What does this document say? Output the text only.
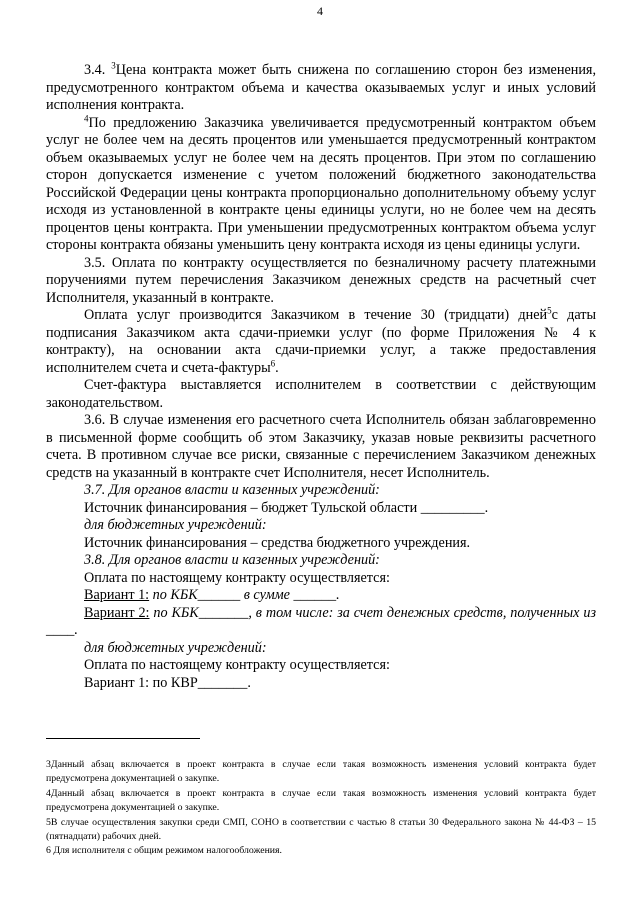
4

3.4. $^3$Цена контракта может быть снижена по соглашению сторон без изменения, предусмотренного контрактом объема и качества оказываемых услуг и иных условий исполнения контракта.

$^4$По предложению Заказчика увеличивается предусмотренный контрактом объем услуг не более чем на десять процентов или уменьшается предусмотренный контрактом объем оказываемых услуг не более чем на десять процентов. При этом по соглашению сторон допускается изменение с учетом положений бюджетного законодательства Российской Федерации цены контракта пропорционально дополнительному объему услуг исходя из установленной в контракте цены единицы услуги, но не более чем на десять процентов цены контракта. При уменьшении предусмотренных контрактом объема услуг стороны контракта обязаны уменьшить цену контракта исходя из цены единицы услуги.

3.5. Оплата по контракту осуществляется по безналичному расчету платежными поручениями путем перечисления Заказчиком денежных средств на расчетный счет Исполнителя, указанный в контракте.

Оплата услуг производится Заказчиком в течение 30 (тридцати) дней$^5$с даты подписания Заказчиком акта сдачи-приемки услуг (по форме Приложения № 4 к контракту), на основании акта сдачи-приемки услуг, а также предоставления исполнителем счета и счета-фактуры$^6$.

Счет-фактура выставляется исполнителем в соответствии с действующим законодательством.

3.6. В случае изменения его расчетного счета Исполнитель обязан заблаговременно в письменной форме сообщить об этом Заказчику, указав новые реквизиты расчетного счета. В противном случае все риски, связанные с перечислением Заказчиком денежных средств на указанный в контракте счет Исполнителя, несет Исполнитель.

3.7. Для органов власти и казенных учреждений:

Источник финансирования – бюджет Тульской области _________.

для бюджетных учреждений:

Источник финансирования – средства бюджетного учреждения.

3.8. Для органов власти и казенных учреждений:

Оплата по настоящему контракту осуществляется:

Вариант 1: по КБК______ в сумме ______.

Вариант 2: по КБК_______, в том числе: за счет денежных средств, полученных из ____.

для бюджетных учреждений:

Оплата по настоящему контракту осуществляется:

Вариант 1: по КВР_______.

3Данный абзац включается в проект контракта в случае если такая возможность изменения условий контракта будет предусмотрена документацией о закупке.

4Данный абзац включается в проект контракта в случае если такая возможность изменения условий контракта будет предусмотрена документацией о закупке.

5В случае осуществления закупки среди СМП, СОНО в соответствии с частью 8 статьи 30 Федерального закона № 44-ФЗ – 15 (пятнадцати) рабочих дней.

6 Для исполнителя с общим режимом налогообложения.
